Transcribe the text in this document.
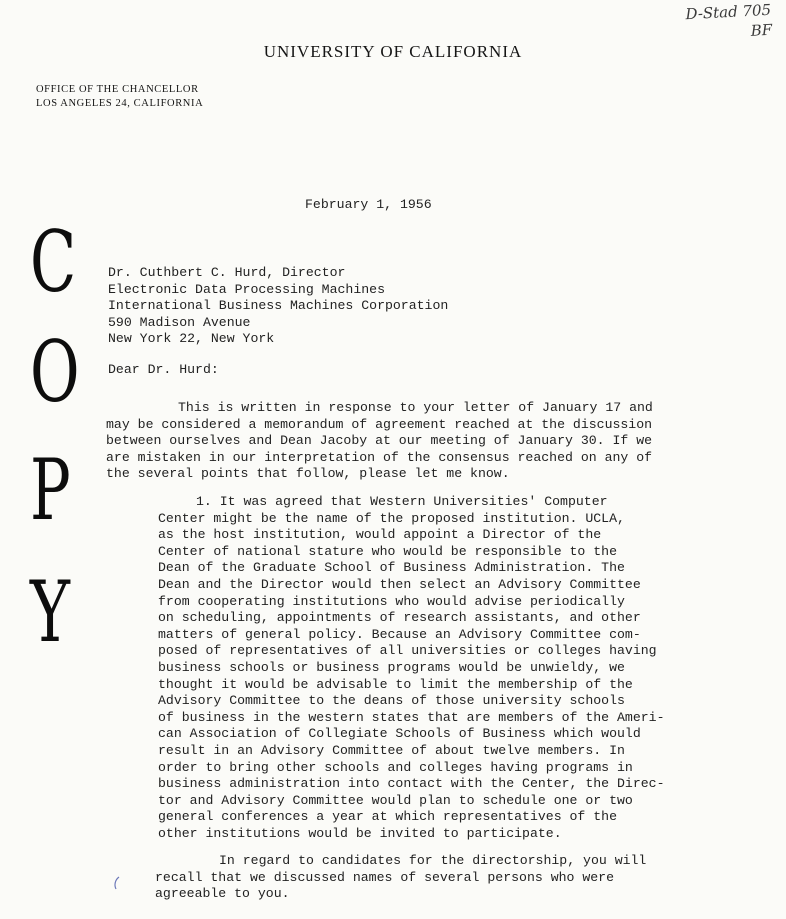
D-Stad 705
BF
UNIVERSITY OF CALIFORNIA
OFFICE OF THE CHANCELLOR
LOS ANGELES 24, CALIFORNIA
C
O
P
Y
February 1, 1956
Dr. Cuthbert C. Hurd, Director
Electronic Data Processing Machines
International Business Machines Corporation
590 Madison Avenue
New York 22, New York
Dear Dr. Hurd:
This is written in response to your letter of January 17 and
may be considered a memorandum of agreement reached at the discussion
between ourselves and Dean Jacoby at our meeting of January 30. If we
are mistaken in our interpretation of the consensus reached on any of
the several points that follow, please let me know.
1. It was agreed that Western Universities' Computer
Center might be the name of the proposed institution. UCLA,
as the host institution, would appoint a Director of the
Center of national stature who would be responsible to the
Dean of the Graduate School of Business Administration. The
Dean and the Director would then select an Advisory Committee
from cooperating institutions who would advise periodically
on scheduling, appointments of research assistants, and other
matters of general policy. Because an Advisory Committee com-
posed of representatives of all universities or colleges having
business schools or business programs would be unwieldy, we
thought it would be advisable to limit the membership of the
Advisory Committee to the deans of those university schools
of business in the western states that are members of the Ameri-
can Association of Collegiate Schools of Business which would
result in an Advisory Committee of about twelve members. In
order to bring other schools and colleges having programs in
business administration into contact with the Center, the Direc-
tor and Advisory Committee would plan to schedule one or two
general conferences a year at which representatives of the
other institutions would be invited to participate.
In regard to candidates for the directorship, you will
recall that we discussed names of several persons who were
agreeable to you.
